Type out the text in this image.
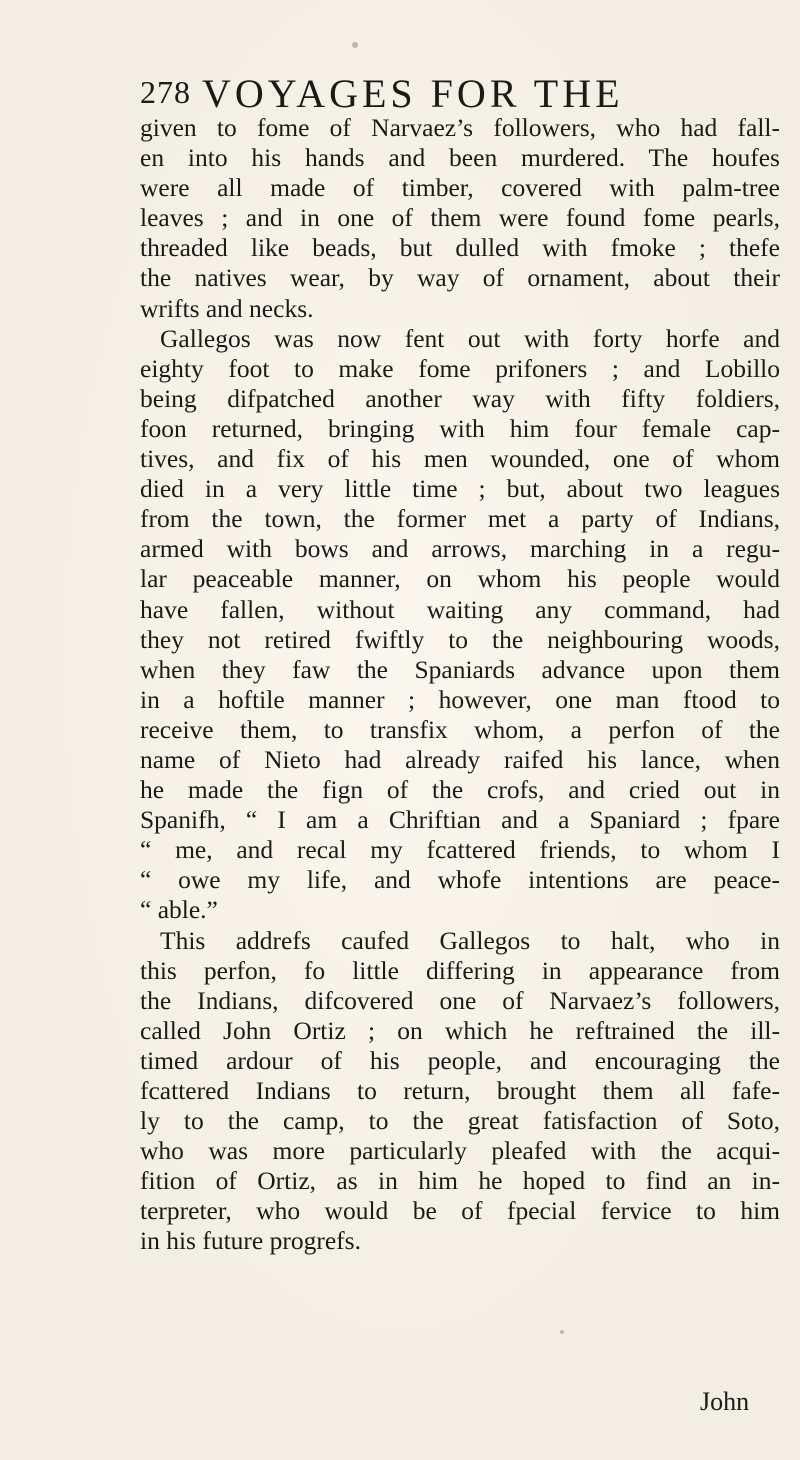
278 VOYAGES FOR THE
given to fome of Narvaez’s followers, who had fall-
en into his hands and been murdered. The houfes
were all made of timber, covered with palm-tree
leaves ; and in one of them were found fome pearls,
threaded like beads, but dulled with fmoke ; thefe
the natives wear, by way of ornament, about their
wrifts and necks.
Gallegos was now fent out with forty horfe and
eighty foot to make fome prifoners ; and Lobillo
being difpatched another way with fifty foldiers,
foon returned, bringing with him four female cap-
tives, and fix of his men wounded, one of whom
died in a very little time ; but, about two leagues
from the town, the former met a party of Indians,
armed with bows and arrows, marching in a regu-
lar peaceable manner, on whom his people would
have fallen, without waiting any command, had
they not retired fwiftly to the neighbouring woods,
when they faw the Spaniards advance upon them
in a hoftile manner ; however, one man ftood to
receive them, to transfix whom, a perfon of the
name of Nieto had already raifed his lance, when
he made the fign of the crofs, and cried out in
Spanifh, “ I am a Chriftian and a Spaniard ; fpare
“ me, and recal my fcattered friends, to whom I
“ owe my life, and whofe intentions are peace-
“ able.”
This addrefs caufed Gallegos to halt, who in
this perfon, fo little differing in appearance from
the Indians, difcovered one of Narvaez’s followers,
called John Ortiz ; on which he reftrained the ill-
timed ardour of his people, and encouraging the
fcattered Indians to return, brought them all fafe-
ly to the camp, to the great fatisfaction of Soto,
who was more particularly pleafed with the acqui-
fition of Ortiz, as in him he hoped to find an in-
terpreter, who would be of fpecial fervice to him
in his future progrefs.
John
